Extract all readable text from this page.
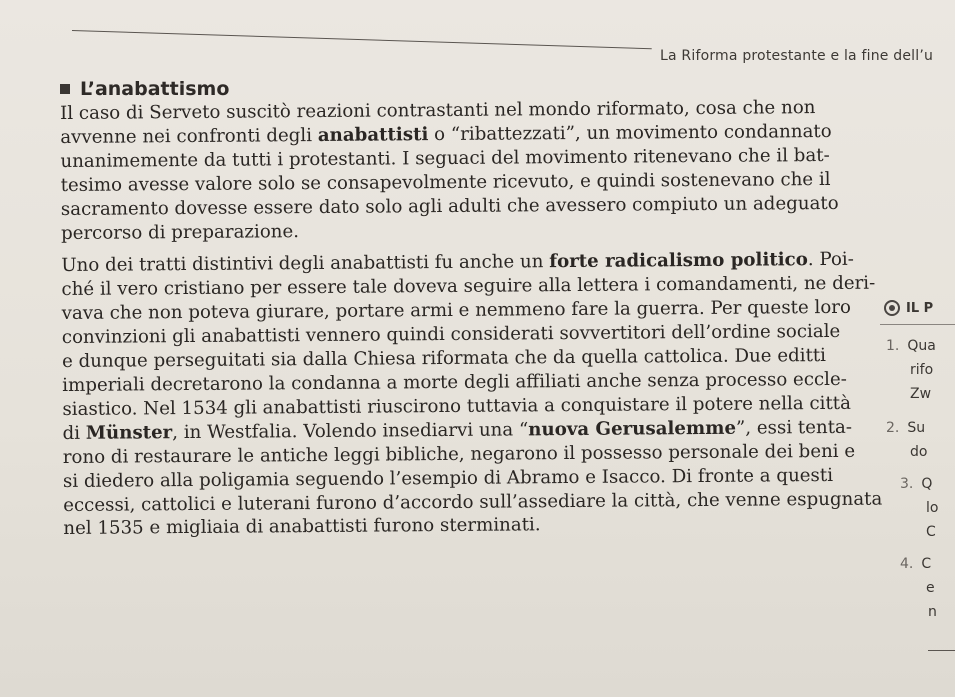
La Riforma protestante e la fine dell’u
L’anabattismo
Il caso di Serveto suscitò reazioni contrastanti nel mondo riformato, cosa che non
avvenne nei confronti degli anabattisti o “ribattezzati”, un movimento condannato
unanimemente da tutti i protestanti. I seguaci del movimento ritenevano che il bat-
tesimo avesse valore solo se consapevolmente ricevuto, e quindi sostenevano che il
sacramento dovesse essere dato solo agli adulti che avessero compiuto un adeguato
percorso di preparazione.
Uno dei tratti distintivi degli anabattisti fu anche un forte radicalismo politico. Poi-
ché il vero cristiano per essere tale doveva seguire alla lettera i comandamenti, ne deri-
vava che non poteva giurare, portare armi e nemmeno fare la guerra. Per queste loro
convinzioni gli anabattisti vennero quindi considerati sovvertitori dell’ordine sociale
e dunque perseguitati sia dalla Chiesa riformata che da quella cattolica. Due editti
imperiali decretarono la condanna a morte degli affiliati anche senza processo eccle-
siastico. Nel 1534 gli anabattisti riuscirono tuttavia a conquistare il potere nella città
di Münster, in Westfalia. Volendo insediarvi una “nuova Gerusalemme”, essi tenta-
rono di restaurare le antiche leggi bibliche, negarono il possesso personale dei beni e
si diedero alla poligamia seguendo l’esempio di Abramo e Isacco. Di fronte a questi
eccessi, cattolici e luterani furono d’accordo sull’assediare la città, che venne espugnata
nel 1535 e migliaia di anabattisti furono sterminati.
IL P
1. Qua
rifo
Zw
2. Su
do
3. Q
lo
C
4. C
e
n
